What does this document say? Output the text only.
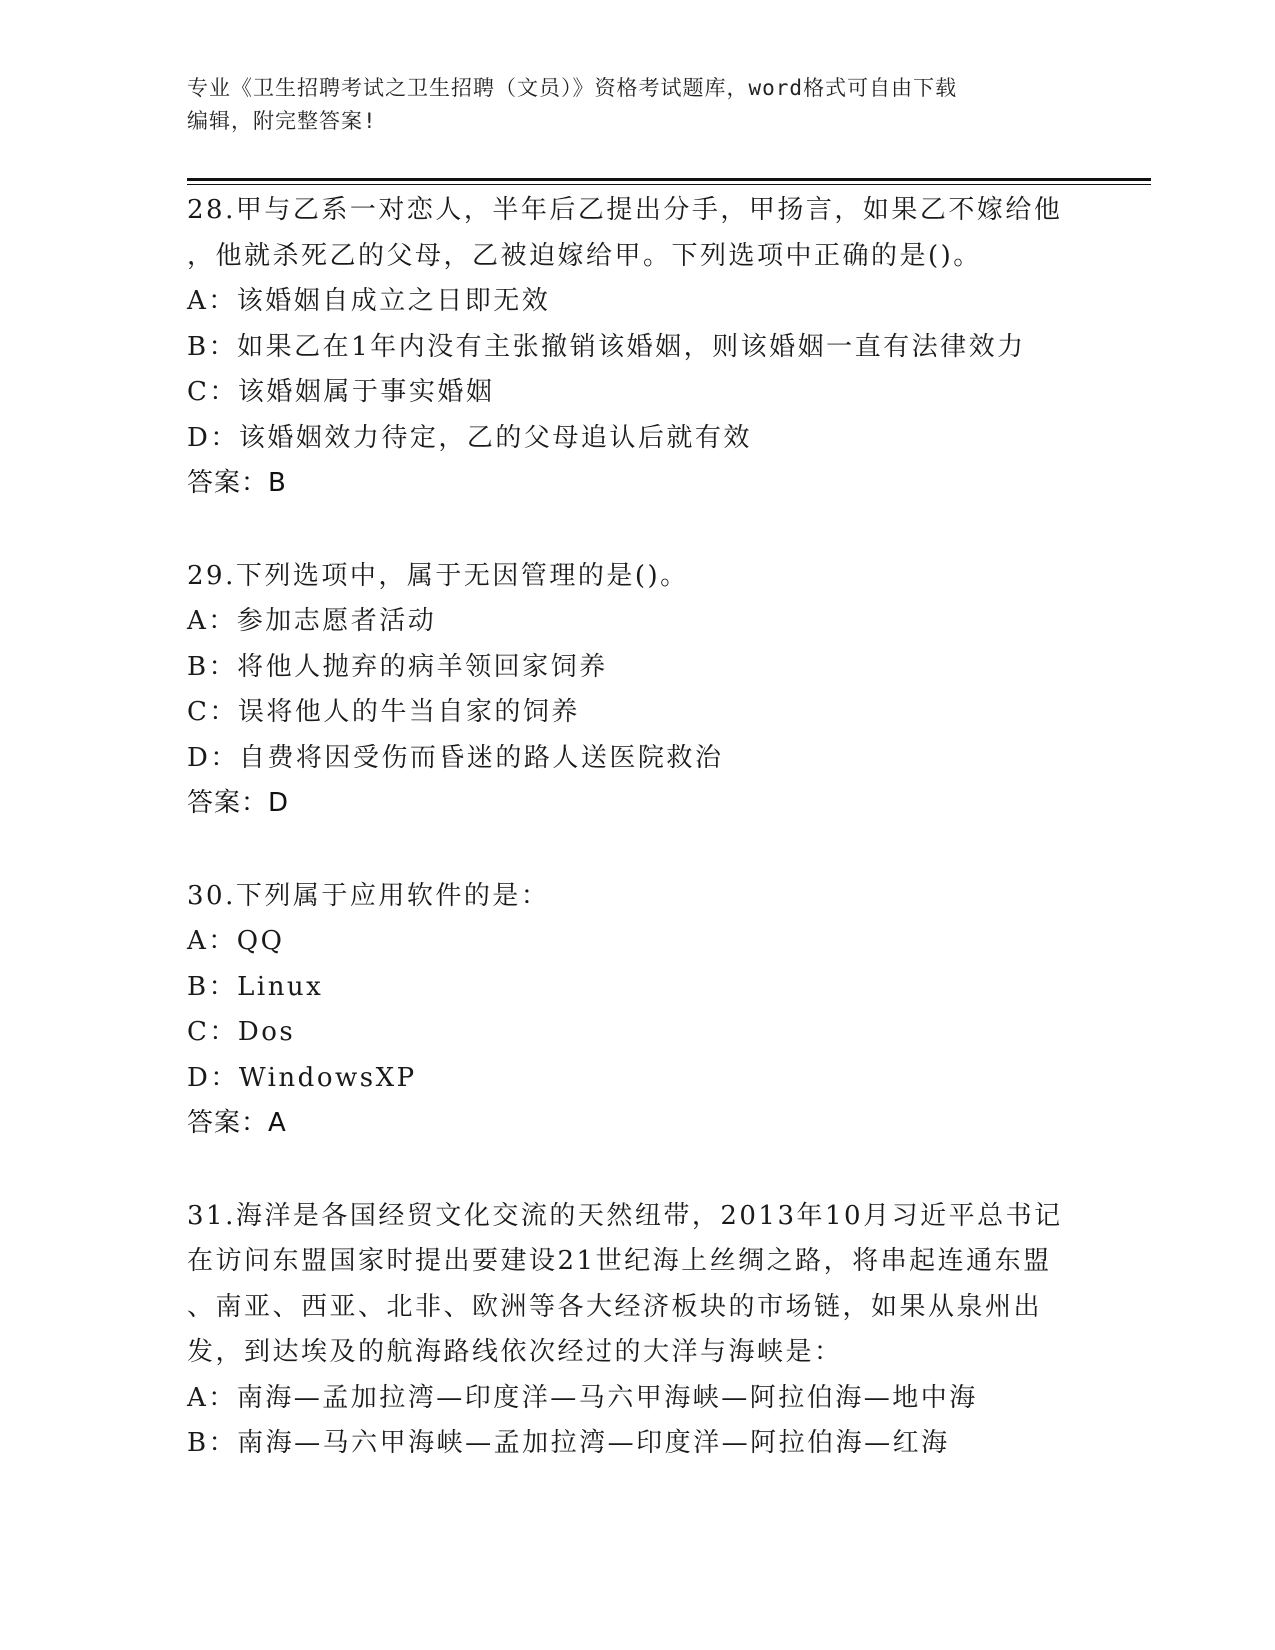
专业《卫生招聘考试之卫生招聘（文员）》资格考试题库，word格式可自由下载
编辑，附完整答案!
28.甲与乙系一对恋人，半年后乙提出分手，甲扬言，如果乙不嫁给他
，他就杀死乙的父母，乙被迫嫁给甲。下列选项中正确的是()。
A：该婚姻自成立之日即无效
B：如果乙在1年内没有主张撤销该婚姻，则该婚姻一直有法律效力
C：该婚姻属于事实婚姻
D：该婚姻效力待定，乙的父母追认后就有效
答案：B
29.下列选项中，属于无因管理的是()。
A：参加志愿者活动
B：将他人抛弃的病羊领回家饲养
C：误将他人的牛当自家的饲养
D：自费将因受伤而昏迷的路人送医院救治
答案：D
30.下列属于应用软件的是：
A：QQ
B：Linux
C：Dos
D：WindowsXP
答案：A
31.海洋是各国经贸文化交流的天然纽带，2013年10月习近平总书记
在访问东盟国家时提出要建设21世纪海上丝绸之路，将串起连通东盟
、南亚、西亚、北非、欧洲等各大经济板块的市场链，如果从泉州出
发，到达埃及的航海路线依次经过的大洋与海峡是：
A：南海—孟加拉湾—印度洋—马六甲海峡—阿拉伯海—地中海
B：南海—马六甲海峡—孟加拉湾—印度洋—阿拉伯海—红海
